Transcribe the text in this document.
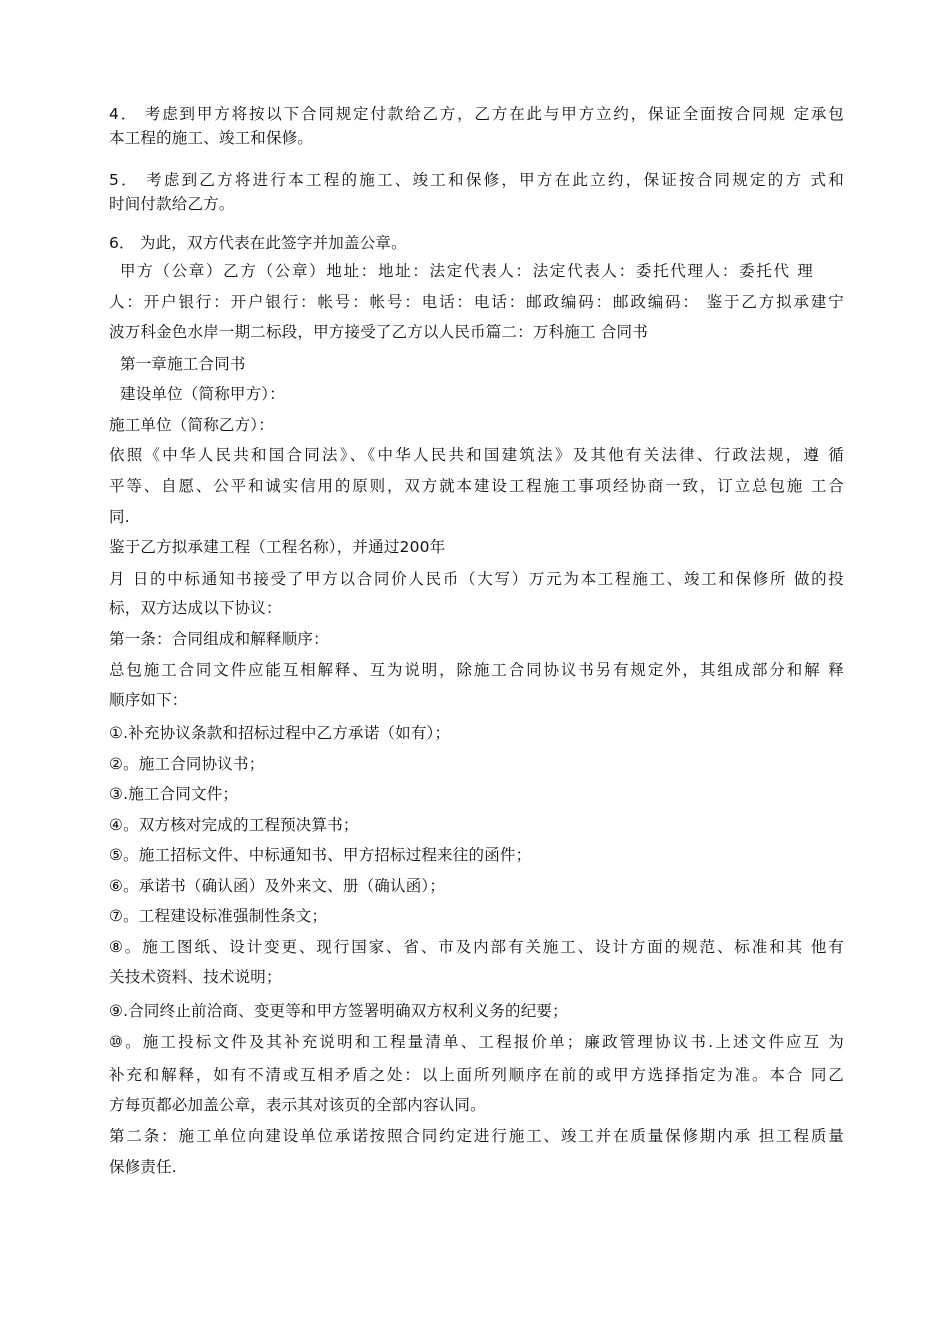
4． 考虑到甲方将按以下合同规定付款给乙方，乙方在此与甲方立约，保证全面按合同规 定承包
本工程的施工、竣工和保修。
5． 考虑到乙方将进行本工程的施工、竣工和保修，甲方在此立约，保证按合同规定的方 式和
时间付款给乙方。
6． 为此，双方代表在此签字并加盖公章。
甲方（公章）乙方（公章）地址：地址：法定代表人：法定代表人：委托代理人：委托代 理
人：开户银行：开户银行：帐号：帐号：电话：电话：邮政编码：邮政编码： 鉴于乙方拟承建宁
波万科金色水岸一期二标段，甲方接受了乙方以人民币篇二：万科施工 合同书
第一章施工合同书
建设单位（简称甲方）：
施工单位（简称乙方）：
依照《中华人民共和国合同法》、《中华人民共和国建筑法》及其他有关法律、行政法规，遵 循
平等、自愿、公平和诚实信用的原则，双方就本建设工程施工事项经协商一致，订立总包施 工合
同.
鉴于乙方拟承建工程（工程名称），并通过200年
月 日的中标通知书接受了甲方以合同价人民币（大写）万元为本工程施工、竣工和保修所 做的投
标，双方达成以下协议：
第一条：合同组成和解释顺序：
总包施工合同文件应能互相解释、互为说明，除施工合同协议书另有规定外，其组成部分和解 释
顺序如下：
①.补充协议条款和招标过程中乙方承诺（如有）；
②。施工合同协议书；
③.施工合同文件；
④。双方核对完成的工程预决算书；
⑤。施工招标文件、中标通知书、甲方招标过程来往的函件；
⑥。承诺书（确认函）及外来文、册（确认函）；
⑦。工程建设标准强制性条文；
⑧。施工图纸、设计变更、现行国家、省、市及内部有关施工、设计方面的规范、标准和其 他有
关技术资料、技术说明；
⑨.合同终止前洽商、变更等和甲方签署明确双方权利义务的纪要；
⑩。施工投标文件及其补充说明和工程量清单、工程报价单；廉政管理协议书.上述文件应互 为
补充和解释，如有不清或互相矛盾之处：以上面所列顺序在前的或甲方选择指定为准。本合 同乙
方每页都必加盖公章，表示其对该页的全部内容认同。
第二条：施工单位向建设单位承诺按照合同约定进行施工、竣工并在质量保修期内承 担工程质量
保修责任.
